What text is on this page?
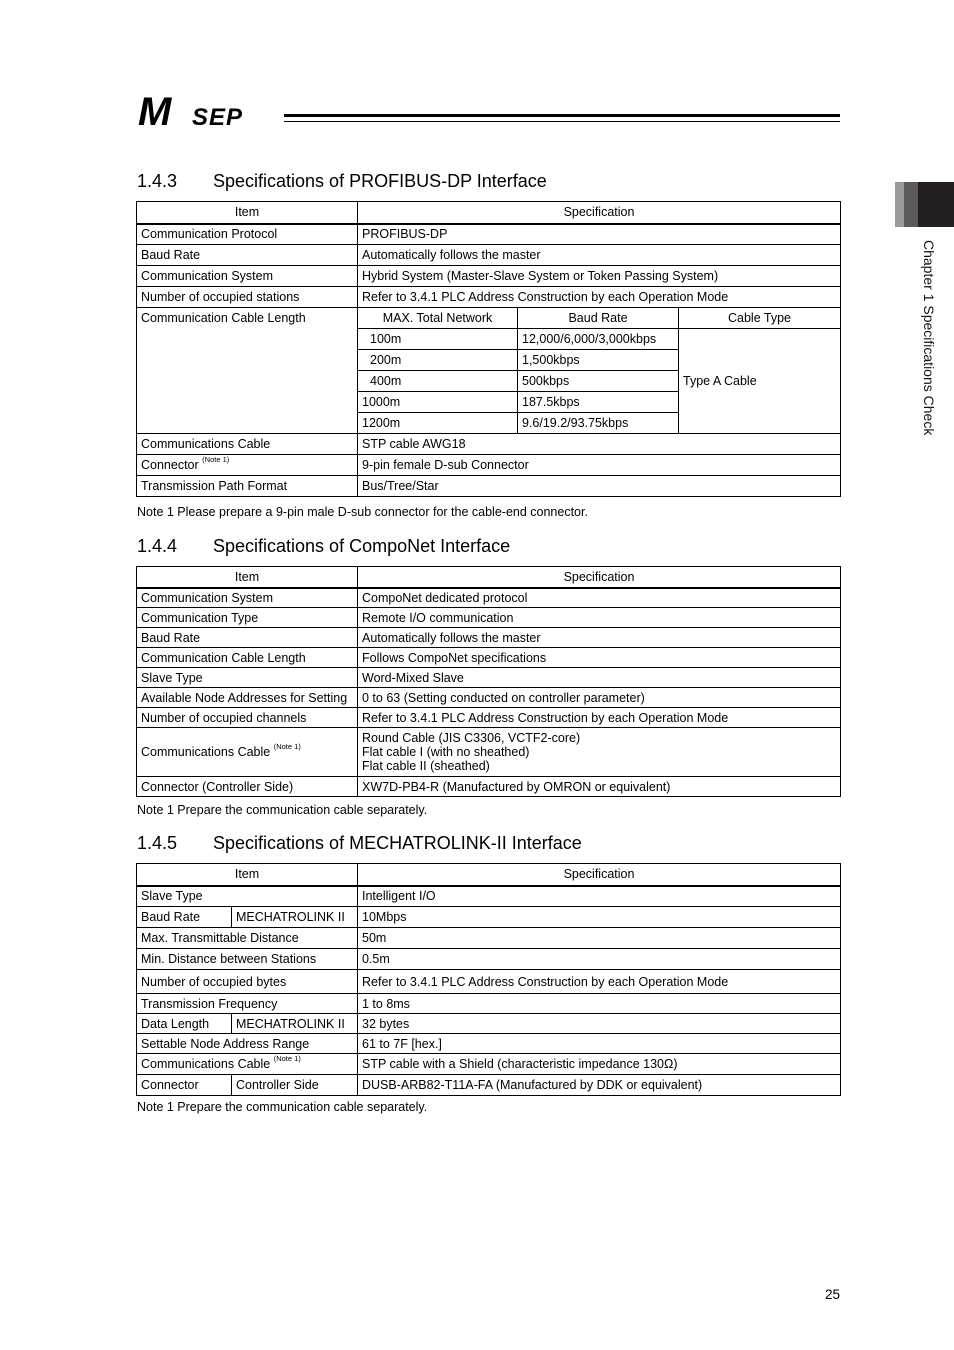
M SEP
Chapter 1 Specifications Check
1.4.3 Specifications of PROFIBUS-DP Interface
Item	Specification		
Communication Protocol	PROFIBUS-DP		
Baud Rate	Automatically follows the master		
Communication System	Hybrid System (Master-Slave System or Token Passing System)		
Number of occupied stations	Refer to 3.4.1 PLC Address Construction by each Operation Mode		
Communication Cable Length	MAX. Total Network	Baud Rate	Cable Type
	100m	12,000/6,000/3,000kbps	Type A Cable
	200m	1,500kbps	
	400m	500kbps	
	1000m	187.5kbps	
	1200m	9.6/19.2/93.75kbps	
Communications Cable	STP cable AWG18		
Connector $^{(Note 1)}$	9-pin female D-sub Connector		
Transmission Path Format	Bus/Tree/Star		
Note 1 Please prepare a 9-pin male D-sub connector for the cable-end connector.
1.4.4 Specifications of CompoNet Interface
Item	Specification
Communication System	CompoNet dedicated protocol
Communication Type	Remote I/O communication
Baud Rate	Automatically follows the master
Communication Cable Length	Follows CompoNet specifications
Slave Type	Word-Mixed Slave
Available Node Addresses for Setting	0 to 63 (Setting conducted on controller parameter)
Number of occupied channels	Refer to 3.4.1 PLC Address Construction by each Operation Mode
Communications Cable $^{(Note 1)}$	Round Cable (JIS C3306, VCTF2-core)
Flat cable I (with no sheathed)
Flat cable II (sheathed)

Connector (Controller Side)	XW7D-PB4-R (Manufactured by OMRON or equivalent)
Note 1 Prepare the communication cable separately.
1.4.5 Specifications of MECHATROLINK-II Interface
Item		Specification
Slave Type		Intelligent I/O
Baud Rate	MECHATROLINK II	10Mbps
Max. Transmittable Distance		50m
Min. Distance between Stations		0.5m
Number of occupied bytes		Refer to 3.4.1 PLC Address Construction by each Operation Mode
Transmission Frequency		1 to 8ms
Data Length	MECHATROLINK II	32 bytes
Settable Node Address Range		61 to 7F [hex.]
Communications Cable $^{(Note 1)}$		STP cable with a Shield (characteristic impedance 130Ω)
Connector	Controller Side	DUSB-ARB82-T11A-FA (Manufactured by DDK or equivalent)
Note 1 Prepare the communication cable separately.
25
